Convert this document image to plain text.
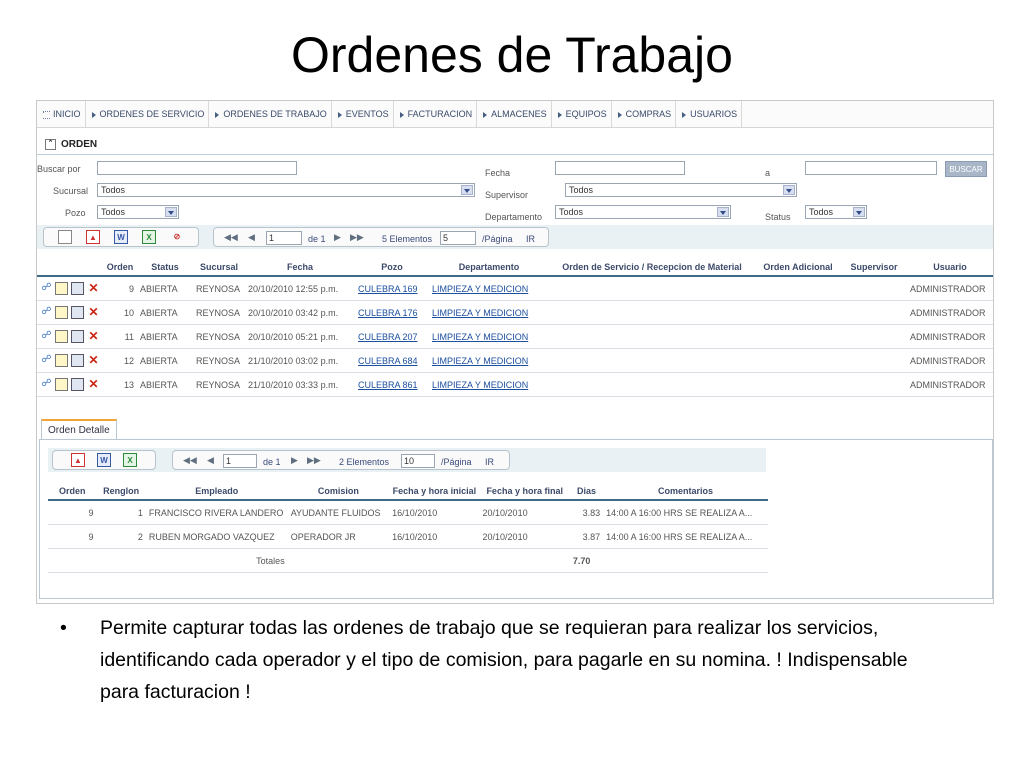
Ordenes de Trabajo
INICIO ORDENES DE SERVICIO ORDENES DE TRABAJO EVENTOS FACTURACION ALMACENES EQUIPOS COMPRAS USUARIOS
⌃ ORDEN
Buscar por
Sucursal	Todos
Pozo	Todos
Fecha	a	BUSCAR
Supervisor	Todos
Departamento	Todos	Status	Todos
▲	W	X	⊘	◀◀ ◀	1	de 1 ▶ ▶▶ 5 Elementos	5	/Página IR
	Orden	Status	Sucursal	Fecha	Pozo	Departamento	Orden de Servicio / Recepcion de Material	Orden Adicional	Supervisor	Usuario

☍ ✕	9	ABIERTA	REYNOSA	20/10/2010 12:55 p.m.	CULEBRA 169	LIMPIEZA Y MEDICION				ADMINISTRADOR

☍ ✕	10	ABIERTA	REYNOSA	20/10/2010 03:42 p.m.	CULEBRA 176	LIMPIEZA Y MEDICION				ADMINISTRADOR

☍ ✕	11	ABIERTA	REYNOSA	20/10/2010 05:21 p.m.	CULEBRA 207	LIMPIEZA Y MEDICION				ADMINISTRADOR

☍ ✕	12	ABIERTA	REYNOSA	21/10/2010 03:02 p.m.	CULEBRA 684	LIMPIEZA Y MEDICION				ADMINISTRADOR

☍ ✕	13	ABIERTA	REYNOSA	21/10/2010 03:33 p.m.	CULEBRA 861	LIMPIEZA Y MEDICION				ADMINISTRADOR
Orden Detalle
▲	W	X	◀◀ ◀	1	de 1 ▶ ▶▶ 2 Elementos	10	/Página IR
Orden	Renglon	Empleado	Comision	Fecha y hora inicial	Fecha y hora final	Dias	Comentarios
9	1	FRANCISCO RIVERA LANDERO	AYUDANTE FLUIDOS	16/10/2010	20/10/2010	3.83	14:00 A 16:00 HRS SE REALIZA A...
9	2	RUBEN MORGADO VAZQUEZ	OPERADOR JR	16/10/2010	20/10/2010	3.87	14:00 A 16:00 HRS SE REALIZA A...
		Totales				7.70	
•	Permite capturar todas las ordenes de trabajo que se requieran para realizar los servicios, identificando cada operador y el tipo de comision, para pagarle en su nomina. ! Indispensable para facturacion !
